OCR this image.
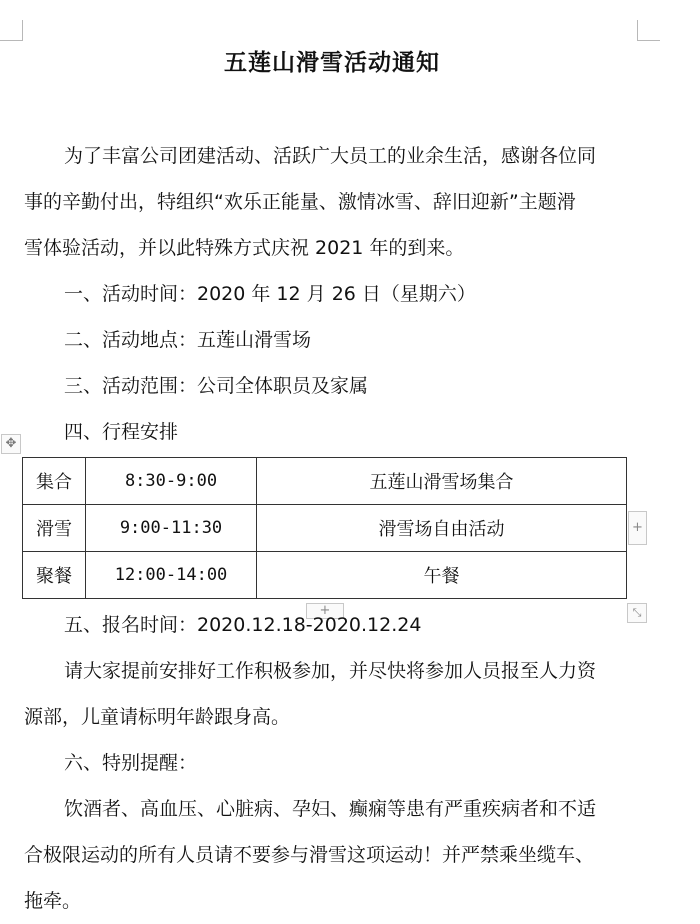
五莲山滑雪活动通知
为了丰富公司团建活动、活跃广大员工的业余生活，感谢各位同
事的辛勤付出，特组织“欢乐正能量、激情冰雪、辞旧迎新”主题滑
雪体验活动，并以此特殊方式庆祝 2021 年的到来。
一、活动时间：2020 年 12 月 26 日（星期六）
二、活动地点：五莲山滑雪场
三、活动范围：公司全体职员及家属
四、行程安排
✥
集合	8:30-9:00	五莲山滑雪场集合
滑雪	9:00-11:30	滑雪场自由活动
聚餐	12:00-14:00	午餐
+
+	⤡
五、报名时间：2020.12.18-2020.12.24
请大家提前安排好工作积极参加，并尽快将参加人员报至人力资
源部，儿童请标明年龄跟身高。
六、特别提醒：
饮酒者、高血压、心脏病、孕妇、癫痫等患有严重疾病者和不适
合极限运动的所有人员请不要参与滑雪这项运动！并严禁乘坐缆车、
拖牵。
